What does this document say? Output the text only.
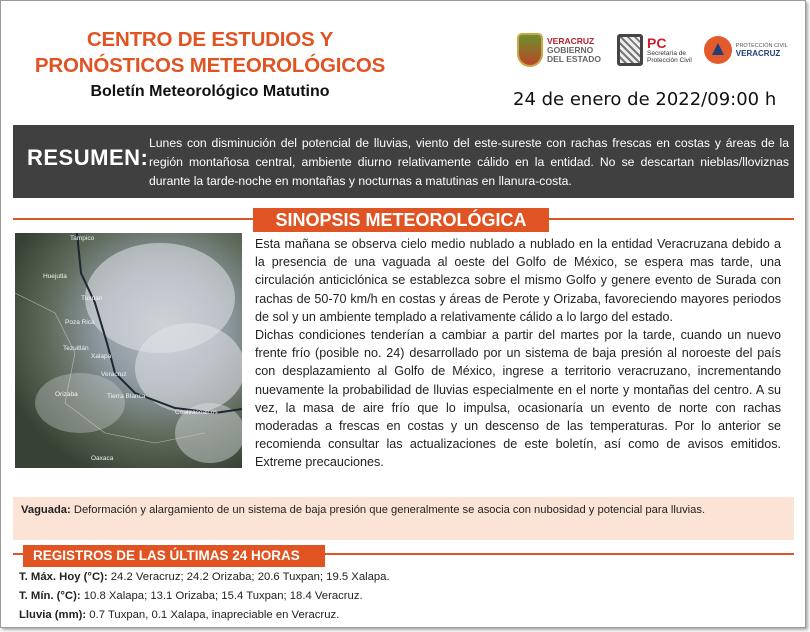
CENTRO DE ESTUDIOS Y
PRONÓSTICOS METEOROLÓGICOS
Boletín Meteorológico Matutino	24 de enero de 2022/09:00 h
VERACRUZ
GOBIERNO
DEL ESTADO
PC
Secretaría de
Protección Civil
PROTECCIÓN CIVIL
VERACRUZ
RESUMEN:
Lunes con disminución del potencial de lluvias, viento del este-sureste con rachas frescas en costas y áreas de la región montañosa central, ambiente diurno relativamente cálido en la entidad. No se descartan nieblas/lloviznas durante la tarde-noche en montañas y nocturnas a matutinas en llanura-costa.
SINOPSIS METEOROLÓGICA
Tampico
Huejutla
Tuxpan
Poza Rica
Tezuitlán
Xalapa
Veracruz
Orizaba	Tierra Blanca
Coatzacoalcos
Oaxaca

Esta mañana se observa cielo medio nublado a nublado en la entidad Veracruzana debido a la presencia de una vaguada al oeste del Golfo de México, se espera mas tarde, una circulación anticiclónica se establezca sobre el mismo Golfo y genere evento de Surada con rachas de 50-70 km/h en costas y áreas de Perote y Orizaba, favoreciendo mayores periodos de sol y un ambiente templado a relativamente cálido a lo largo del estado.

Dichas condiciones tenderían a cambiar a partir del martes por la tarde, cuando un nuevo frente frío (posible no. 24) desarrollado por un sistema de baja presión al noroeste del país con desplazamiento al Golfo de México, ingrese a territorio veracruzano, incrementando nuevamente la probabilidad de lluvias especialmente en el norte y montañas del centro. A su vez, la masa de aire frío que lo impulsa, ocasionaría un evento de norte con rachas moderadas a frescas en costas y un descenso de las temperaturas. Por lo anterior se recomienda consultar las actualizaciones de este boletín, así como de avisos emitidos. Extreme precauciones.

Vaguada: Deformación y alargamiento de un sistema de baja presión que generalmente se asocia con nubosidad y potencial para lluvias.
REGISTROS DE LAS ÚLTIMAS 24 HORAS
T. Máx. Hoy (°C): 24.2 Veracruz; 24.2 Orizaba; 20.6 Tuxpan; 19.5 Xalapa.
T. Mín. (°C): 10.8 Xalapa; 13.1 Orizaba; 15.4 Tuxpan; 18.4 Veracruz.
Lluvia (mm): 0.7 Tuxpan, 0.1 Xalapa, inapreciable en Veracruz.
